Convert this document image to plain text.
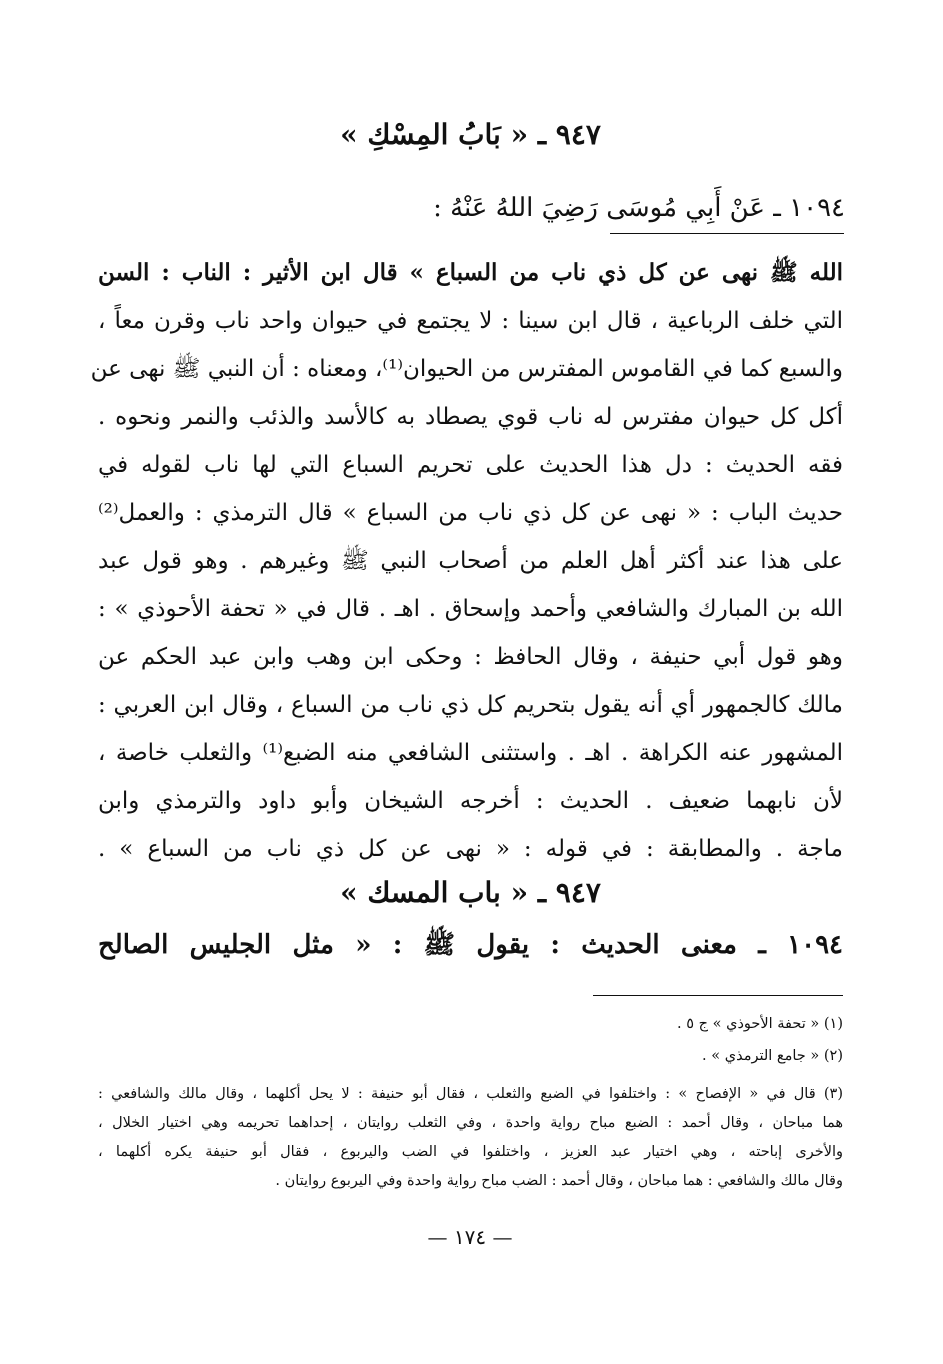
٩٤٧ ـ « بَابُ المِسْكِ »
١٠٩٤ ـ عَنْ أَبِي مُوسَى رَضِيَ اللهُ عَنْهُ :
الله ﷺ نهى عن كل ذي ناب من السباع » قال ابن الأثير : الناب : السن
التي خلف الرباعية ، قال ابن سينا : لا يجتمع في حيوان واحد ناب وقرن معاً ،
والسبع كما في القاموس المفترس من الحيوان⁽¹⁾، ومعناه : أن النبي ﷺ نهى عن
أكل كل حيوان مفترس له ناب قوي يصطاد به كالأسد والذئب والنمر ونحوه .
فقه الحديث : دل هذا الحديث على تحريم السباع التي لها ناب لقوله في
حديث الباب : « نهى عن كل ذي ناب من السباع » قال الترمذي : والعمل⁽²⁾
على هذا عند أكثر أهل العلم من أصحاب النبي ﷺ وغيرهم . وهو قول عبد
الله بن المبارك والشافعي وأحمد وإسحاق . اهـ . قال في « تحفة الأحوذي » :
وهو قول أبي حنيفة ، وقال الحافظ : وحكى ابن وهب وابن عبد الحكم عن
مالك كالجمهور أي أنه يقول بتحريم كل ذي ناب من السباع ، وقال ابن العربي :
المشهور عنه الكراهة . اهـ . واستثنى الشافعي منه الضبع⁽¹⁾ والثعلب خاصة ،
لأن نابهما ضعيف . الحديث : أخرجه الشيخان وأبو داود والترمذي وابن
ماجة . والمطابقة : في قوله : « نهى عن كل ذي ناب من السباع » .
٩٤٧ ـ « باب المسك »
١٠٩٤ ـ معنى الحديث : يقول ﷺ : « مثل الجليس الصالح
(١) « تحفة الأحوذي » ج ٥ .
(٢) « جامع الترمذي » .
(٣) قال في « الإفصاح » : واختلفوا في الضبع والثعلب ، فقال أبو حنيفة : لا يحل أكلهما ، وقال مالك والشافعي :
هما مباحان ، وقال أحمد : الضبع مباح رواية واحدة ، وفي الثعلب روايتان ، إحداهما تحريمه وهي اختيار الخلال ،
والأخرى إباحته ، وهي اختيار عبد العزيز ، واختلفوا في الضب واليربوع ، فقال أبو حنيفة يكره أكلهما ،
وقال مالك والشافعي : هما مباحان ، وقال أحمد : الضب مباح رواية واحدة وفي اليربوع روايتان .
— ١٧٤ —
